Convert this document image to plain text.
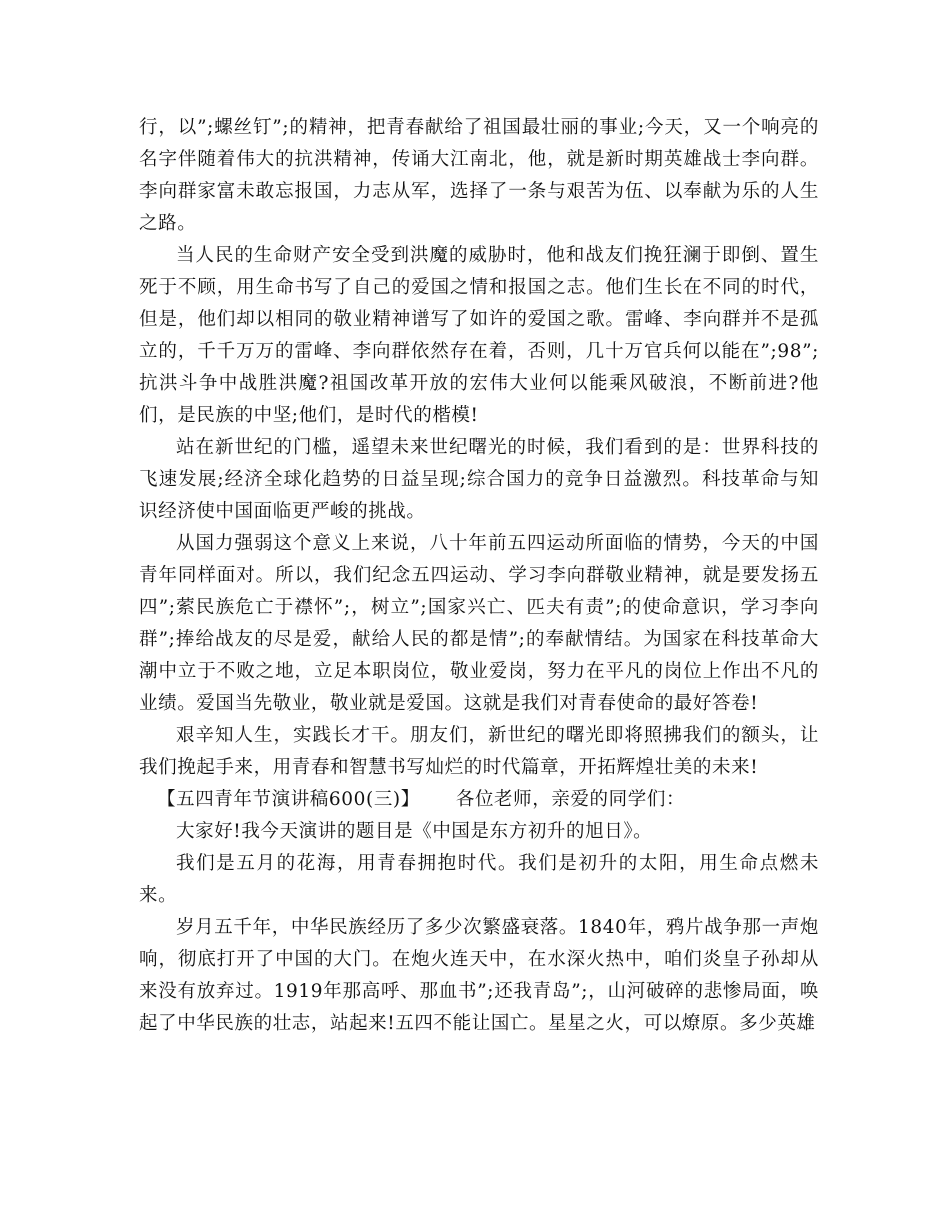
行，以”;螺丝钉”;的精神，把青春献给了祖国最壮丽的事业;今天，又一个响亮的名字伴随着伟大的抗洪精神，传诵大江南北，他，就是新时期英雄战士李向群。李向群家富未敢忘报国，力志从军，选择了一条与艰苦为伍、以奉献为乐的人生之路。

当人民的生命财产安全受到洪魔的威胁时，他和战友们挽狂澜于即倒、置生死于不顾，用生命书写了自己的爱国之情和报国之志。他们生长在不同的时代，但是，他们却以相同的敬业精神谱写了如许的爱国之歌。雷峰、李向群并不是孤立的，千千万万的雷峰、李向群依然存在着，否则，几十万官兵何以能在”;98”;抗洪斗争中战胜洪魔?祖国改革开放的宏伟大业何以能乘风破浪，不断前进?他们，是民族的中坚;他们，是时代的楷模!

站在新世纪的门槛，遥望未来世纪曙光的时候，我们看到的是：世界科技的飞速发展;经济全球化趋势的日益呈现;综合国力的竞争日益激烈。科技革命与知识经济使中国面临更严峻的挑战。

从国力强弱这个意义上来说，八十年前五四运动所面临的情势，今天的中国青年同样面对。所以，我们纪念五四运动、学习李向群敬业精神，就是要发扬五四”;萦民族危亡于襟怀”;，树立”;国家兴亡、匹夫有责”;的使命意识，学习李向群”;捧给战友的尽是爱，献给人民的都是情”;的奉献情结。为国家在科技革命大潮中立于不败之地，立足本职岗位，敬业爱岗，努力在平凡的岗位上作出不凡的业绩。爱国当先敬业，敬业就是爱国。这就是我们对青春使命的最好答卷!

艰辛知人生，实践长才干。朋友们，新世纪的曙光即将照拂我们的额头，让我们挽起手来，用青春和智慧书写灿烂的时代篇章，开拓辉煌壮美的未来!

【五四青年节演讲稿600(三)】 各位老师，亲爱的同学们：

大家好!我今天演讲的题目是《中国是东方初升的旭日》。

我们是五月的花海，用青春拥抱时代。我们是初升的太阳，用生命点燃未来。

岁月五千年，中华民族经历了多少次繁盛衰落。1840年，鸦片战争那一声炮响，彻底打开了中国的大门。在炮火连天中，在水深火热中，咱们炎皇子孙却从来没有放弃过。1919年那高呼、那血书”;还我青岛”;，山河破碎的悲惨局面，唤起了中华民族的壮志，站起来!五四不能让国亡。星星之火，可以燎原。多少英雄
